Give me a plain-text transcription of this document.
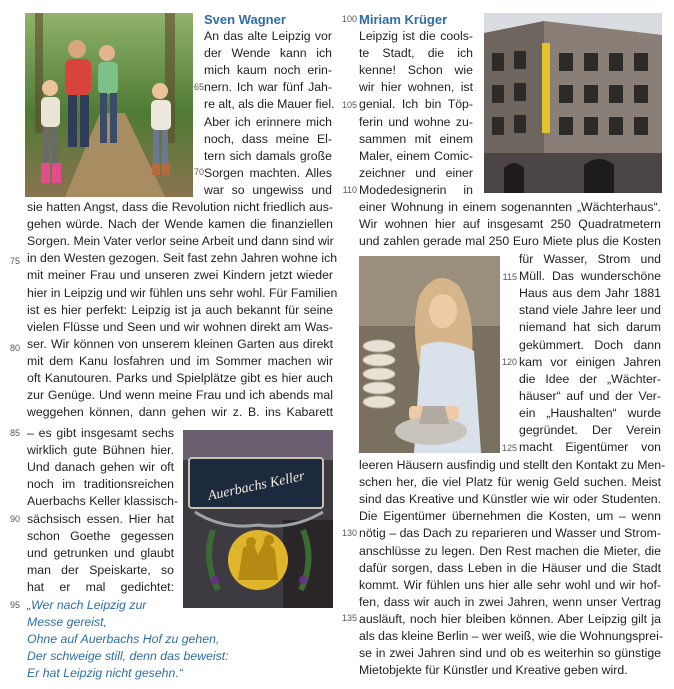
Sven Wagner
An das alte Leipzig vor
der Wende kann ich
mich kaum noch erin-
nern. Ich war fünf Jah-
re alt, als die Mauer fiel.
Aber ich erinnere mich
noch, dass meine El-
tern sich damals große
Sorgen machten. Alles
war so ungewiss und
sie hatten Angst, dass die Revolution nicht friedlich aus-
gehen würde. Nach der Wende kamen die finanziellen
Sorgen. Mein Vater verlor seine Arbeit und dann sind wir
in den Westen gezogen. Seit fast zehn Jahren wohne ich
mit meiner Frau und unseren zwei Kindern jetzt wieder
hier in Leipzig und wir fühlen uns sehr wohl. Für Familien
ist es hier perfekt: Leipzig ist ja auch bekannt für seine
vielen Flüsse und Seen und wir wohnen direkt am Was-
ser. Wir können von unserem kleinen Garten aus direkt
mit dem Kanu losfahren und im Sommer machen wir
oft Kanutouren. Parks und Spielplätze gibt es hier auch
zur Genüge. Und wenn meine Frau und ich abends mal
weggehen können, dann gehen wir z. B. ins Kabarett
– es gibt insgesamt sechs
wirklich gute Bühnen hier.
Und danach gehen wir oft
noch im traditionsreichen
Auerbachs Keller klassisch-
sächsisch essen. Hier hat
schon Goethe gegessen
und getrunken und glaubt
man der Speiskarte, so
hat er mal gedichtet:
„Wer nach Leipzig zur
Messe gereist,
Ohne auf Auerbachs Hof zu gehen,
Der schweige still, denn das beweist:
Er hat Leipzig nicht gesehn.“
Auerbachs Keller
Miriam Krüger
Leipzig ist die cools-
te Stadt, die ich
kenne! Schon wie
wir hier wohnen, ist
genial. Ich bin Töp-
ferin und wohne zu-
sammen mit einem
Maler, einem Comic-
zeichner und einer
Modedesignerin in
einer Wohnung in einem sogenannten „Wächterhaus“.
Wir wohnen hier auf insgesamt 250 Quadratmetern
und zahlen gerade mal 250 Euro Miete plus die Kosten
für Wasser, Strom und
Müll. Das wunderschöne
Haus aus dem Jahr 1881
stand viele Jahre leer und
niemand hat sich darum
gekümmert. Doch dann
kam vor einigen Jahren
die Idee der „Wächter-
häuser“ auf und der Ver-
ein „Haushalten“ wurde
gegründet. Der Verein
macht Eigentümer von
leeren Häusern ausfindig und stellt den Kontakt zu Men-
schen her, die viel Platz für wenig Geld suchen. Meist
sind das Kreative und Künstler wie wir oder Studenten.
Die Eigentümer übernehmen die Kosten, um – wenn
nötig – das Dach zu reparieren und Wasser und Strom-
anschlüsse zu legen. Den Rest machen die Mieter, die
dafür sorgen, dass Leben in die Häuser und die Stadt
kommt. Wir fühlen uns hier alle sehr wohl und wir hof-
fen, dass wir auch in zwei Jahren, wenn unser Vertrag
ausläuft, noch hier bleiben können. Aber Leipzig gilt ja
als das kleine Berlin – wer weiß, wie die Wohnungsprei-
se in zwei Jahren sind und ob es weiterhin so günstige
Mietobjekte für Künstler und Kreative geben wird.
65
70
75
80
85
90
95
100
105
110
115
120
125
130
135
